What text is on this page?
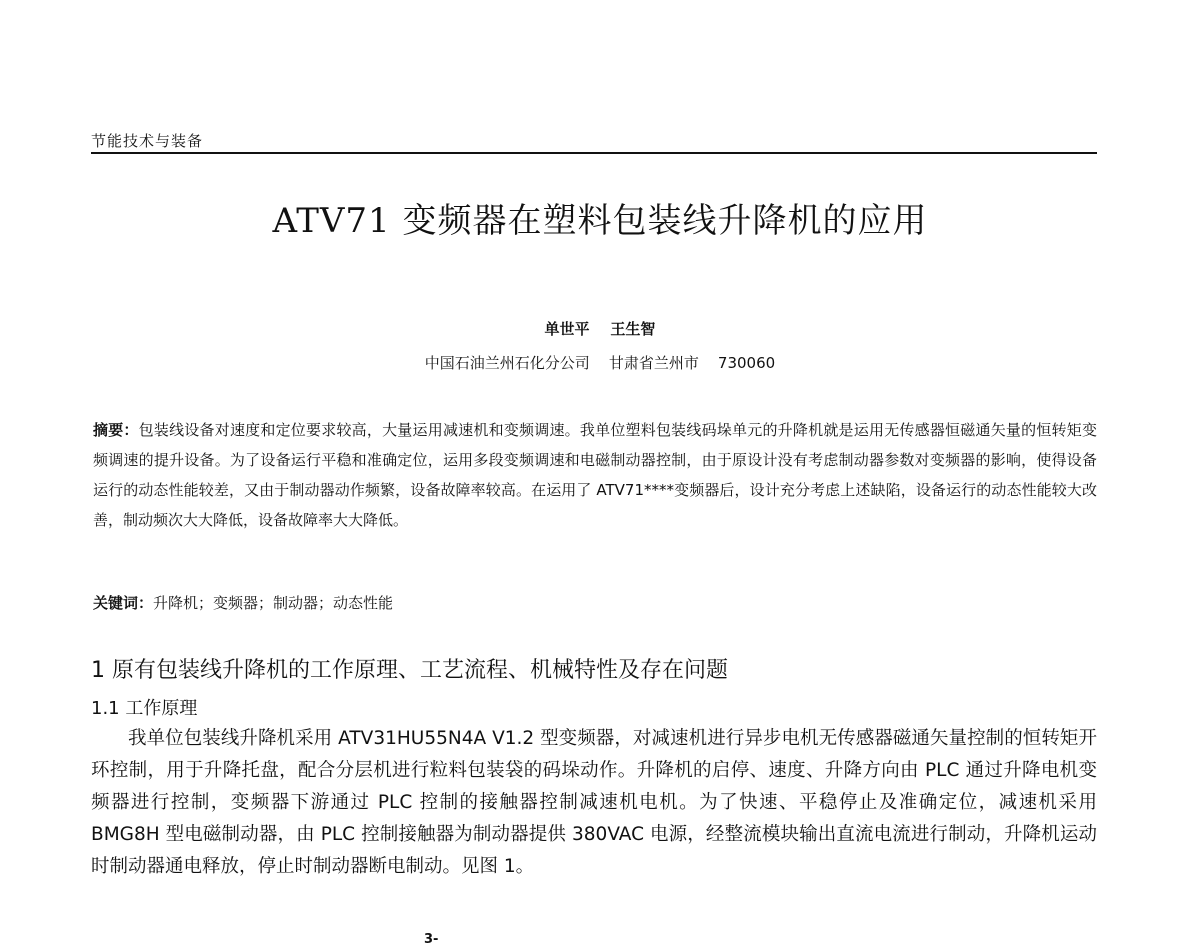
节能技术与装备
ATV71 变频器在塑料包装线升降机的应用
单世平    王生智
中国石油兰州石化分公司    甘肃省兰州市    730060
摘要：包装线设备对速度和定位要求较高，大量运用减速机和变频调速。我单位塑料包装线码垛单元的升降机就是运用无传感器恒磁通矢量的恒转矩变频调速的提升设备。为了设备运行平稳和准确定位，运用多段变频调速和电磁制动器控制，由于原设计没有考虑制动器参数对变频器的影响，使得设备运行的动态性能较差，又由于制动器动作频繁，设备故障率较高。在运用了 ATV71****变频器后，设计充分考虑上述缺陷，设备运行的动态性能较大改善，制动频次大大降低，设备故障率大大降低。
关键词：升降机；变频器；制动器；动态性能
1 原有包装线升降机的工作原理、工艺流程、机械特性及存在问题
1.1 工作原理
我单位包装线升降机采用 ATV31HU55N4A V1.2 型变频器，对减速机进行异步电机无传感器磁通矢量控制的恒转矩开环控制，用于升降托盘，配合分层机进行粒料包装袋的码垛动作。升降机的启停、速度、升降方向由 PLC 通过升降电机变频器进行控制，变频器下游通过 PLC 控制的接触器控制减速机电机。为了快速、平稳停止及准确定位，减速机采用 BMG8H 型电磁制动器，由 PLC 控制接触器为制动器提供 380VAC 电源，经整流模块输出直流电流进行制动，升降机运动时制动器通电释放，停止时制动器断电制动。见图 1。
3-
